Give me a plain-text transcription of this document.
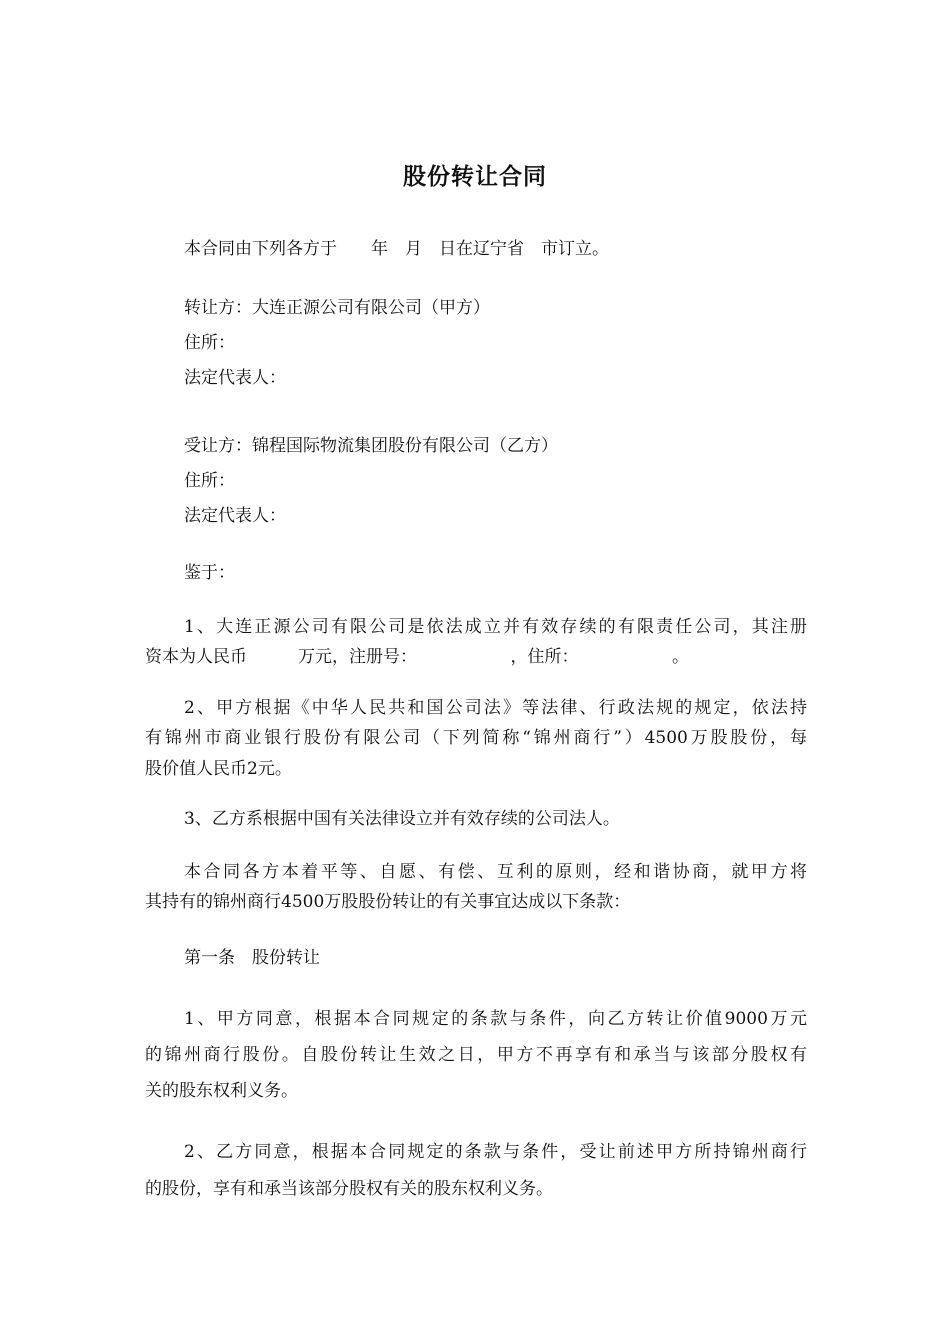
股份转让合同
本合同由下列各方于　　年　月　日在辽宁省　市订立。
转让方：大连正源公司有限公司（甲方）
住所：
法定代表人：
受让方：锦程国际物流集团股份有限公司（乙方）
住所：
法定代表人：
鉴于：
1、大连正源公司有限公司是依法成立并有效存续的有限责任公司，其注册
资本为人民币　　　万元，注册号：　　　　　　，住所：　　　　　　。
2、甲方根据《中华人民共和国公司法》等法律、行政法规的规定，依法持
有锦州市商业银行股份有限公司（下列简称“锦州商行”）4500万股股份，每
股价值人民币2元。
3、乙方系根据中国有关法律设立并有效存续的公司法人。
本合同各方本着平等、自愿、有偿、互利的原则，经和谐协商，就甲方将
其持有的锦州商行4500万股股份转让的有关事宜达成以下条款：
第一条　股份转让
1、甲方同意，根据本合同规定的条款与条件，向乙方转让价值9000万元
的锦州商行股份。自股份转让生效之日，甲方不再享有和承当与该部分股权有
关的股东权利义务。
2、乙方同意，根据本合同规定的条款与条件，受让前述甲方所持锦州商行
的股份，享有和承当该部分股权有关的股东权利义务。
